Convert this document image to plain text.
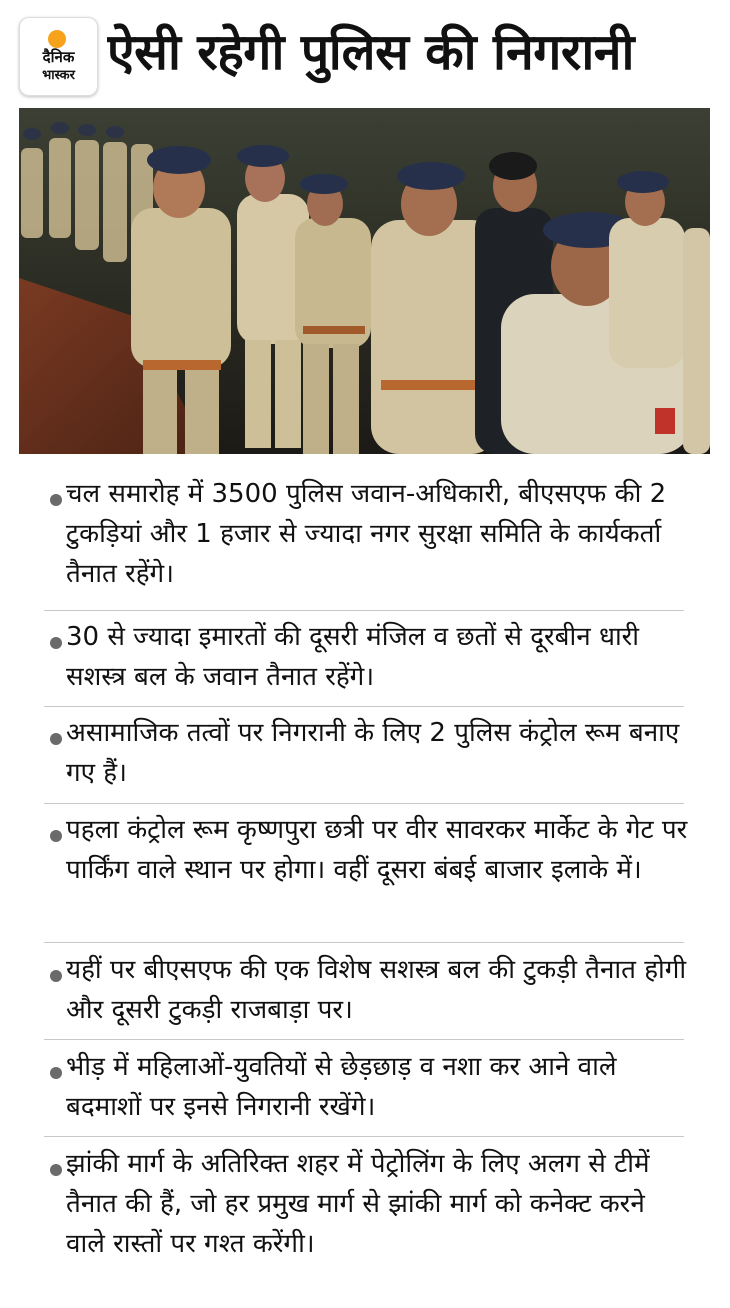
दैनिक
भास्कर ऐसी रहेगी पुलिस की निगरानी
चल समारोह में 3500 पुलिस जवान-अधिकारी, बीएसएफ की 2 टुकड़ियां और 1 हजार से ज्यादा नगर सुरक्षा समिति के कार्यकर्ता तैनात रहेंगे।
30 से ज्यादा इमारतों की दूसरी मंजिल व छतों से दूरबीन धारी सशस्त्र बल के जवान तैनात रहेंगे।
असामाजिक तत्वों पर निगरानी के लिए 2 पुलिस कंट्रोल रूम बनाए गए हैं।
पहला कंट्रोल रूम कृष्णपुरा छत्री पर वीर सावरकर मार्केट के गेट पर पार्किंग वाले स्थान पर होगा। वहीं दूसरा बंबई बाजार इलाके में।
यहीं पर बीएसएफ की एक विशेष सशस्त्र बल की टुकड़ी तैनात होगी और दूसरी टुकड़ी राजबाड़ा पर।
भीड़ में महिलाओं-युवतियों से छेड़छाड़ व नशा कर आने वाले बदमाशों पर इनसे निगरानी रखेंगे।
झांकी मार्ग के अतिरिक्त शहर में पेट्रोलिंग के लिए अलग से टीमें तैनात की हैं, जो हर प्रमुख मार्ग से झांकी मार्ग को कनेक्ट करने वाले रास्तों पर गश्त करेंगी।
